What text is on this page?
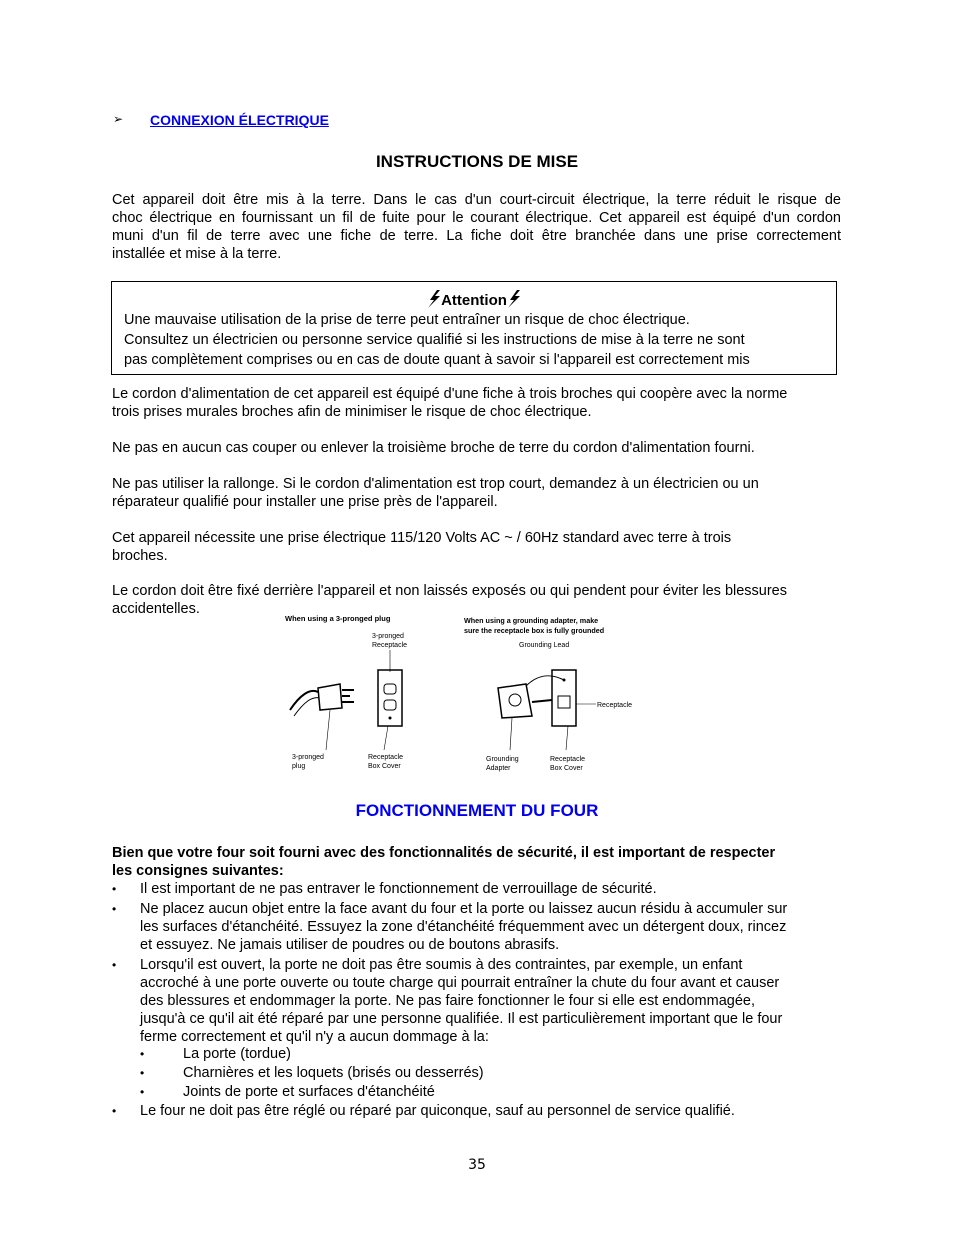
➢ CONNEXION ÉLECTRIQUE
INSTRUCTIONS DE MISE
Cet appareil doit être mis à la terre. Dans le cas d'un court-circuit électrique, la terre réduit le risque de
choc électrique en fournissant un fil de fuite pour le courant électrique. Cet appareil est équipé d'un cordon
muni d'un fil de terre avec une fiche de terre. La fiche doit être branchée dans une prise correctement
installée et mise à la terre.
Attention
Une mauvaise utilisation de la prise de terre peut entraîner un risque de choc électrique.
Consultez un électricien ou personne service qualifié si les instructions de mise à la terre ne sont
pas complètement comprises ou en cas de doute quant à savoir si l'appareil est correctement mis
Le cordon d'alimentation de cet appareil est équipé d'une fiche à trois broches qui coopère avec la norme
trois prises murales broches afin de minimiser le risque de choc électrique.
Ne pas en aucun cas couper ou enlever la troisième broche de terre du cordon d'alimentation fourni.
Ne pas utiliser la rallonge. Si le cordon d'alimentation est trop court, demandez à un électricien ou un
réparateur qualifié pour installer une prise près de l'appareil.
Cet appareil nécessite une prise électrique 115/120 Volts AC ~ / 60Hz standard avec terre à trois
broches.
Le cordon doit être fixé derrière l'appareil et non laissés exposés ou qui pendent pour éviter les blessures
accidentelles.
When using a 3-pronged plug
3-pronged
Receptacle
3-pronged
plug
Receptacle
Box Cover
When using a grounding adapter, make
sure the receptacle box is fully grounded
Grounding Lead
Receptacle
Grounding
Adapter
Receptacle
Box Cover
FONCTIONNEMENT DU FOUR
Bien que votre four soit fourni avec des fonctionnalités de sécurité, il est important de respecter
les consignes suivantes:
• Il est important de ne pas entraver le fonctionnement de verrouillage de sécurité.
• Ne placez aucun objet entre la face avant du four et la porte ou laissez aucun résidu à accumuler sur
les surfaces d'étanchéité. Essuyez la zone d'étanchéité fréquemment avec un détergent doux, rincez
et essuyez. Ne jamais utiliser de poudres ou de boutons abrasifs.
• Lorsqu'il est ouvert, la porte ne doit pas être soumis à des contraintes, par exemple, un enfant
accroché à une porte ouverte ou toute charge qui pourrait entraîner la chute du four avant et causer
des blessures et endommager la porte. Ne pas faire fonctionner le four si elle est endommagée,
jusqu'à ce qu'il ait été réparé par une personne qualifiée. Il est particulièrement important que le four
ferme correctement et qu'il n'y a aucun dommage à la:
•	La porte (tordue)
•	Charnières et les loquets (brisés ou desserrés)
•	Joints de porte et surfaces d'étanchéité
• Le four ne doit pas être réglé ou réparé par quiconque, sauf au personnel de service qualifié.
35
